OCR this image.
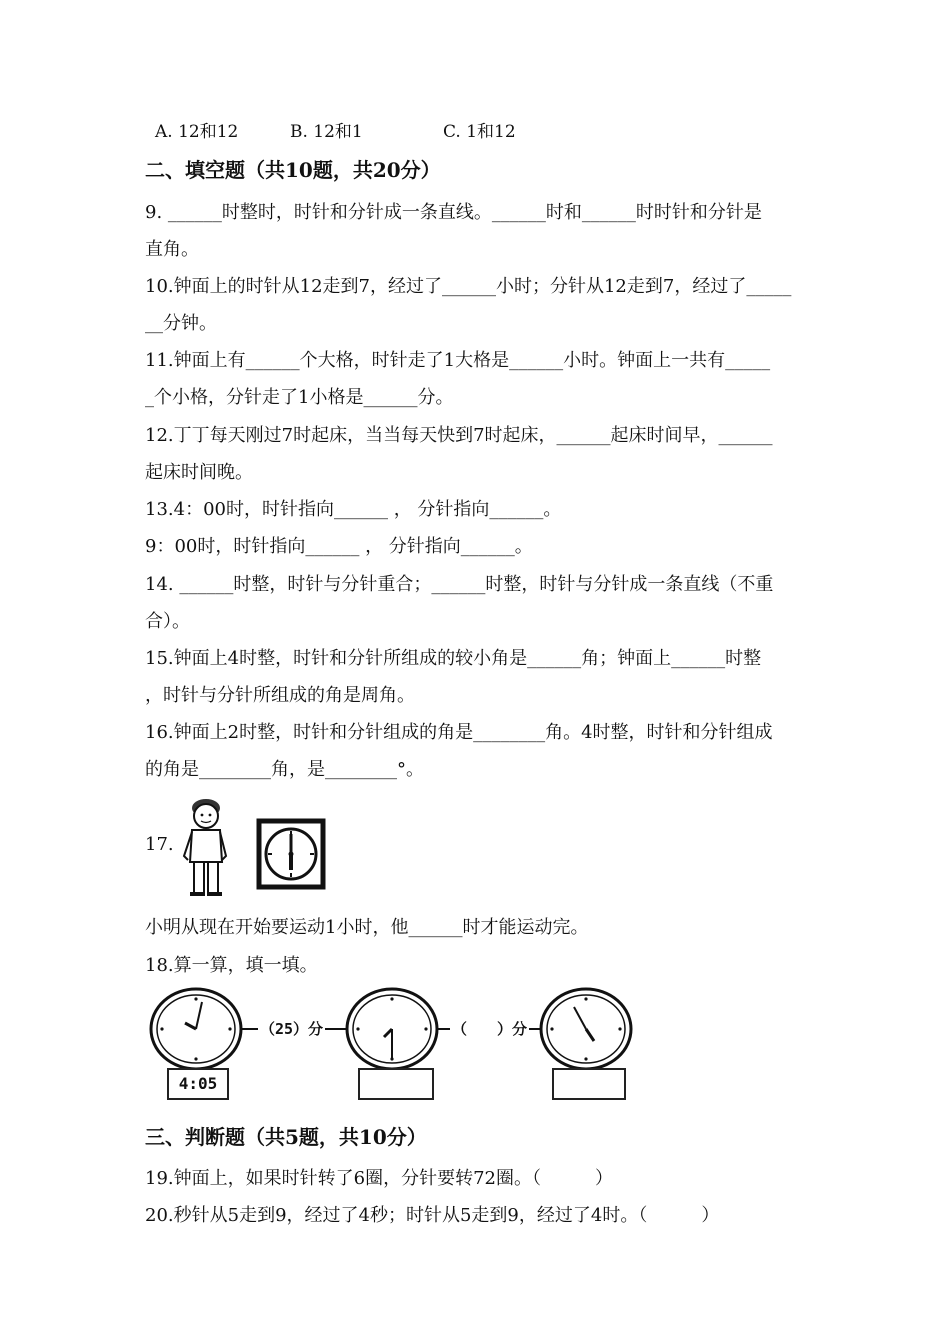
A. 12和12	B. 12和1	C. 1和12
二、填空题（共10题，共20分）
9. ______时整时，时针和分针成一条直线。______时和______时时针和分针是
直角。
10.钟面上的时针从12走到7，经过了______小时；分针从12走到7，经过了_____
__分钟。
11.钟面上有______个大格，时针走了1大格是______小时。钟面上一共有_____
_个小格，分针走了1小格是______分。
12.丁丁每天刚过7时起床，当当每天快到7时起床，______起床时间早，______
起床时间晚。
13.4：00时，时针指向______ ， 分针指向______。
9：00时，时针指向______ ， 分针指向______。
14. ______时整，时针与分针重合；______时整，时针与分针成一条直线（不重
合）。
15.钟面上4时整，时针和分针所组成的较小角是______角；钟面上______时整
，时针与分针所组成的角是周角。
16.钟面上2时整，时针和分针组成的角是________角。4时整，时针和分针组成
的角是________角，是________°。
17.
小明从现在开始要运动1小时，他______时才能运动完。
18.算一算，填一填。
（25）分	（　　）分
4:05
三、判断题（共5题，共10分）
19.钟面上，如果时针转了6圈，分针要转72圈。（　　　）
20.秒针从5走到9，经过了4秒；时针从5走到9，经过了4时。（　　　）
